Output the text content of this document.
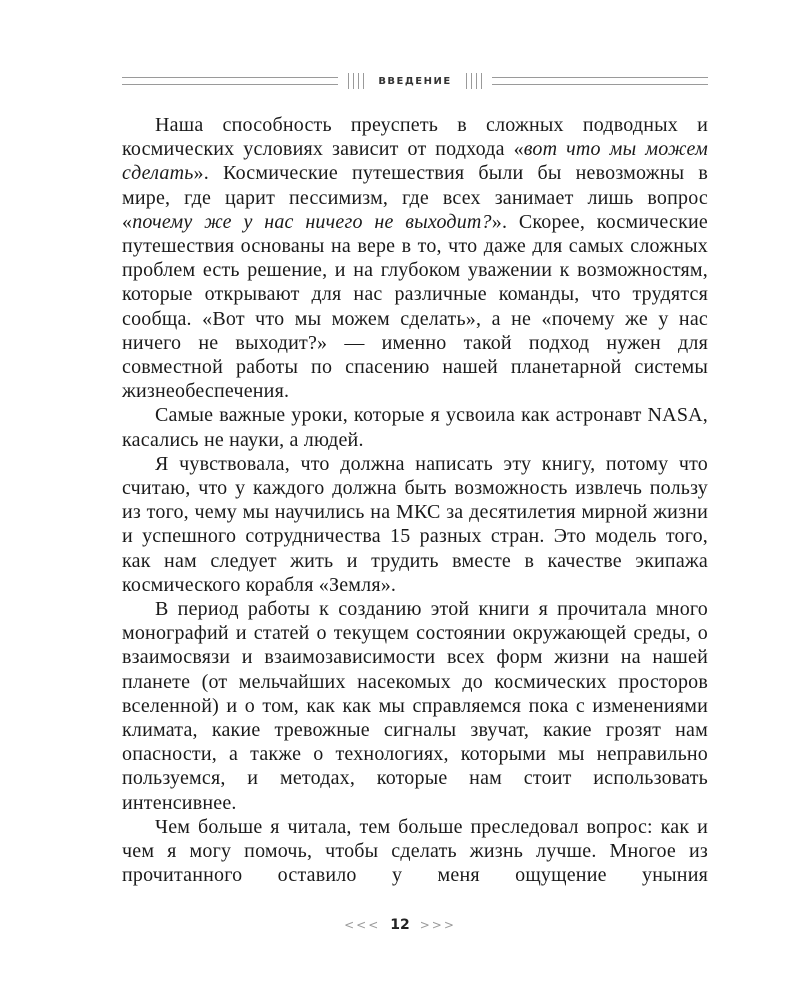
ВВЕДЕНИЕ

Наша способность преуспеть в сложных подводных и космических условиях зависит от подхода «вот что мы можем сделать». Космические путешествия были бы невозможны в мире, где царит пессимизм, где всех занимает лишь вопрос «почему же у нас ничего не выходит?». Скорее, космические путешествия основаны на вере в то, что даже для самых сложных проблем есть решение, и на глубоком уважении к возможностям, которые открывают для нас различные команды, что трудятся сообща. «Вот что мы можем сделать», а не «почему же у нас ничего не выходит?» — именно такой подход нужен для совместной работы по спасению нашей планетарной системы жизнеобеспечения.

Самые важные уроки, которые я усвоила как астронавт NASA, касались не науки, а людей.

Я чувствовала, что должна написать эту книгу, потому что считаю, что у каждого должна быть возможность извлечь пользу из того, чему мы научились на МКС за десятилетия мирной жизни и успешного сотрудничества 15 разных стран. Это модель того, как нам следует жить и трудить вместе в качестве экипажа космического корабля «Земля».

В период работы к созданию этой книги я прочитала много монографий и статей о текущем состоянии окружающей среды, о взаимосвязи и взаимозависимости всех форм жизни на нашей планете (от мельчайших насекомых до космических просторов вселенной) и о том, как как мы справляемся пока с изменениями климата, какие тревожные сигналы звучат, какие грозят нам опасности, а также о технологиях, которыми мы неправильно пользуемся, и методах, которые нам стоит использовать интенсивнее.

Чем больше я читала, тем больше преследовал вопрос: как и чем я могу помочь, чтобы сделать жизнь лучше. Многое из прочитанного оставило у меня ощущение уныния

<<< 12 >>>
